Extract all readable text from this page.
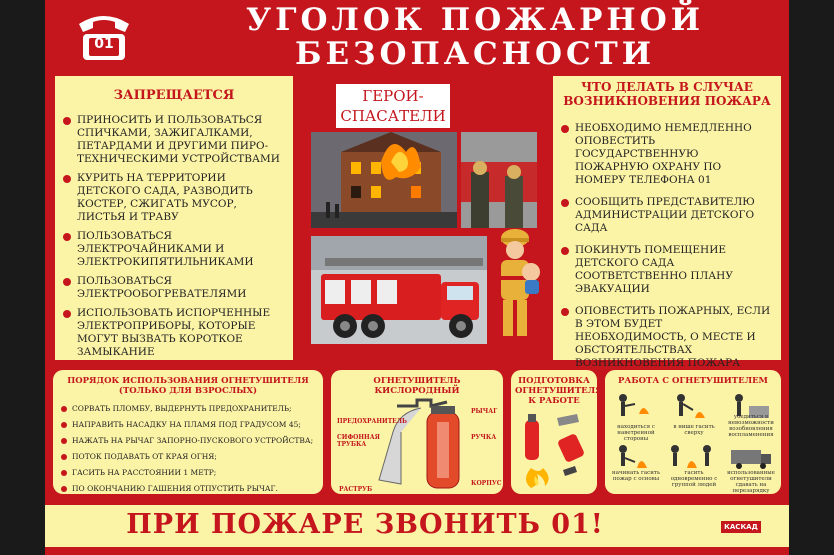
01
УГОЛОК ПОЖАРНОЙ
БЕЗОПАСНОСТИ
ЗАПРЕЩАЕТСЯ
ПРИНОСИТЬ И ПОЛЬЗОВАТЬСЯ СПИЧКАМИ, ЗАЖИГАЛКАМИ, ПЕТАРДАМИ И ДРУГИМИ ПИРО-ТЕХНИЧЕСКИМИ УСТРОЙСТВАМИ
КУРИТЬ НА ТЕРРИТОРИИ ДЕТСКОГО САДА, РАЗВОДИТЬ КОСТЕР, СЖИГАТЬ МУСОР, ЛИСТЬЯ И ТРАВУ
ПОЛЬЗОВАТЬСЯ ЭЛЕКТРОЧАЙНИКАМИ И ЭЛЕКТРОКИПЯТИЛЬНИКАМИ
ПОЛЬЗОВАТЬСЯ ЭЛЕКТРООБОГРЕВАТЕЛЯМИ
ИСПОЛЬЗОВАТЬ ИСПОРЧЕННЫЕ ЭЛЕКТРОПРИБОРЫ, КОТОРЫЕ МОГУТ ВЫЗВАТЬ КОРОТКОЕ ЗАМЫКАНИЕ
ГЕРОИ-
СПАСАТЕЛИ
ЧТО ДЕЛАТЬ В СЛУЧАЕ
ВОЗНИКНОВЕНИЯ ПОЖАРА
НЕОБХОДИМО НЕМЕДЛЕННО ОПОВЕСТИТЬ ГОСУДАРСТВЕННУЮ ПОЖАРНУЮ ОХРАНУ ПО НОМЕРУ ТЕЛЕФОНА 01
СООБЩИТЬ ПРЕДСТАВИТЕЛЮ АДМИНИСТРАЦИИ ДЕТСКОГО САДА
ПОКИНУТЬ ПОМЕЩЕНИЕ ДЕТСКОГО САДА СООТВЕТСТВЕННО ПЛАНУ ЭВАКУАЦИИ
ОПОВЕСТИТЬ ПОЖАРНЫХ, ЕСЛИ В ЭТОМ БУДЕТ НЕОБХОДИМОСТЬ, О МЕСТЕ И ОБСТОЯТЕЛЬСТВАХ ВОЗНИКНОВЕНИЯ ПОЖАРА
ПОРЯДОК ИСПОЛЬЗОВАНИЯ ОГНЕТУШИТЕЛЯ
(ТОЛЬКО ДЛЯ ВЗРОСЛЫХ)
СОРВАТЬ ПЛОМБУ, ВЫДЕРНУТЬ ПРЕДОХРАНИТЕЛЬ;
НАПРАВИТЬ НАСАДКУ НА ПЛАМЯ ПОД ГРАДУСОМ 45;
НАЖАТЬ НА РЫЧАГ ЗАПОРНО-ПУСКОВОГО УСТРОЙСТВА;
ПОТОК ПОДАВАТЬ ОТ КРАЯ ОГНЯ;
ГАСИТЬ НА РАССТОЯНИИ 1 МЕТР;
ПО ОКОНЧАНИЮ ГАШЕНИЯ ОТПУСТИТЬ РЫЧАГ.
ОГНЕТУШИТЕЛЬ КИСЛОРОДНЫЙ
ПРЕДОХРАНИТЕЛЬ
СИФОННАЯ ТРУБКА
РАСТРУБ
РЫЧАГ
РУЧКА
КОРПУС
ПОДГОТОВКА ОГНЕТУШИТЕЛЯ К РАБОТЕ
РАБОТА С ОГНЕТУШИТЕЛЕМ
находиться с наветренной стороны
в нише гасить сверху
убедиться в невозможности возобновления воспламенения
начинать гасить пожар с основы
гасить одновременно с группой людей
использованные огнетушители сдавать на перезарядку
ПРИ ПОЖАРЕ ЗВОНИТЬ 01!	КАСКАД
